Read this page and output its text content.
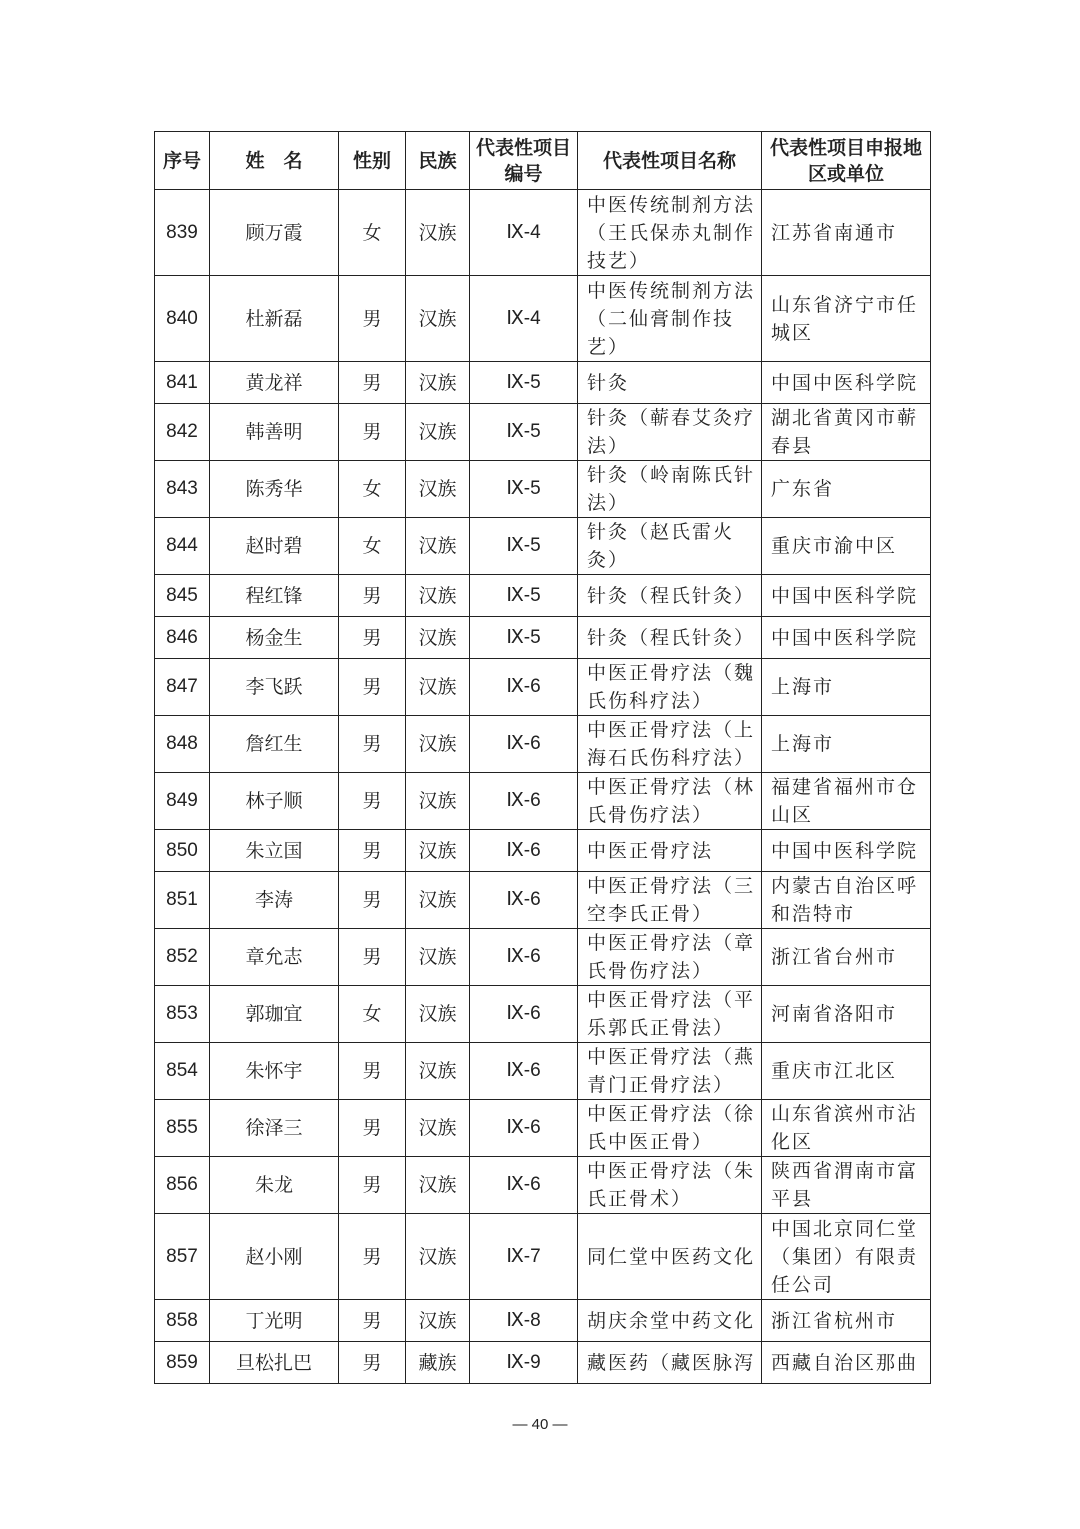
序号	姓　名	性别	民族	代表性项目编号	代表性项目名称	代表性项目申报地区或单位
839	顾万霞	女	汉族	Ⅸ-4	中医传统制剂方法（王氏保赤丸制作技艺）	江苏省南通市
840	杜新磊	男	汉族	Ⅸ-4	中医传统制剂方法（二仙膏制作技艺）	山东省济宁市任城区
841	黄龙祥	男	汉族	Ⅸ-5	针灸	中国中医科学院
842	韩善明	男	汉族	Ⅸ-5	针灸（蕲春艾灸疗法）	湖北省黄冈市蕲春县
843	陈秀华	女	汉族	Ⅸ-5	针灸（岭南陈氏针法）	广东省
844	赵时碧	女	汉族	Ⅸ-5	针灸（赵氏雷火灸）	重庆市渝中区
845	程红锋	男	汉族	Ⅸ-5	针灸（程氏针灸）	中国中医科学院
846	杨金生	男	汉族	Ⅸ-5	针灸（程氏针灸）	中国中医科学院
847	李飞跃	男	汉族	Ⅸ-6	中医正骨疗法（魏氏伤科疗法）	上海市
848	詹红生	男	汉族	Ⅸ-6	中医正骨疗法（上海石氏伤科疗法）	上海市
849	林子顺	男	汉族	Ⅸ-6	中医正骨疗法（林氏骨伤疗法）	福建省福州市仓山区
850	朱立国	男	汉族	Ⅸ-6	中医正骨疗法	中国中医科学院
851	李涛	男	汉族	Ⅸ-6	中医正骨疗法（三空李氏正骨）	内蒙古自治区呼和浩特市
852	章允志	男	汉族	Ⅸ-6	中医正骨疗法（章氏骨伤疗法）	浙江省台州市
853	郭珈宜	女	汉族	Ⅸ-6	中医正骨疗法（平乐郭氏正骨法）	河南省洛阳市
854	朱怀宇	男	汉族	Ⅸ-6	中医正骨疗法（燕青门正骨疗法）	重庆市江北区
855	徐泽三	男	汉族	Ⅸ-6	中医正骨疗法（徐氏中医正骨）	山东省滨州市沾化区
856	朱龙	男	汉族	Ⅸ-6	中医正骨疗法（朱氏正骨术）	陕西省渭南市富平县
857	赵小刚	男	汉族	Ⅸ-7	同仁堂中医药文化	中国北京同仁堂（集团）有限责任公司
858	丁光明	男	汉族	Ⅸ-8	胡庆余堂中药文化	浙江省杭州市
859	旦松扎巴	男	藏族	Ⅸ-9	藏医药（藏医脉泻	西藏自治区那曲
— 40 —
